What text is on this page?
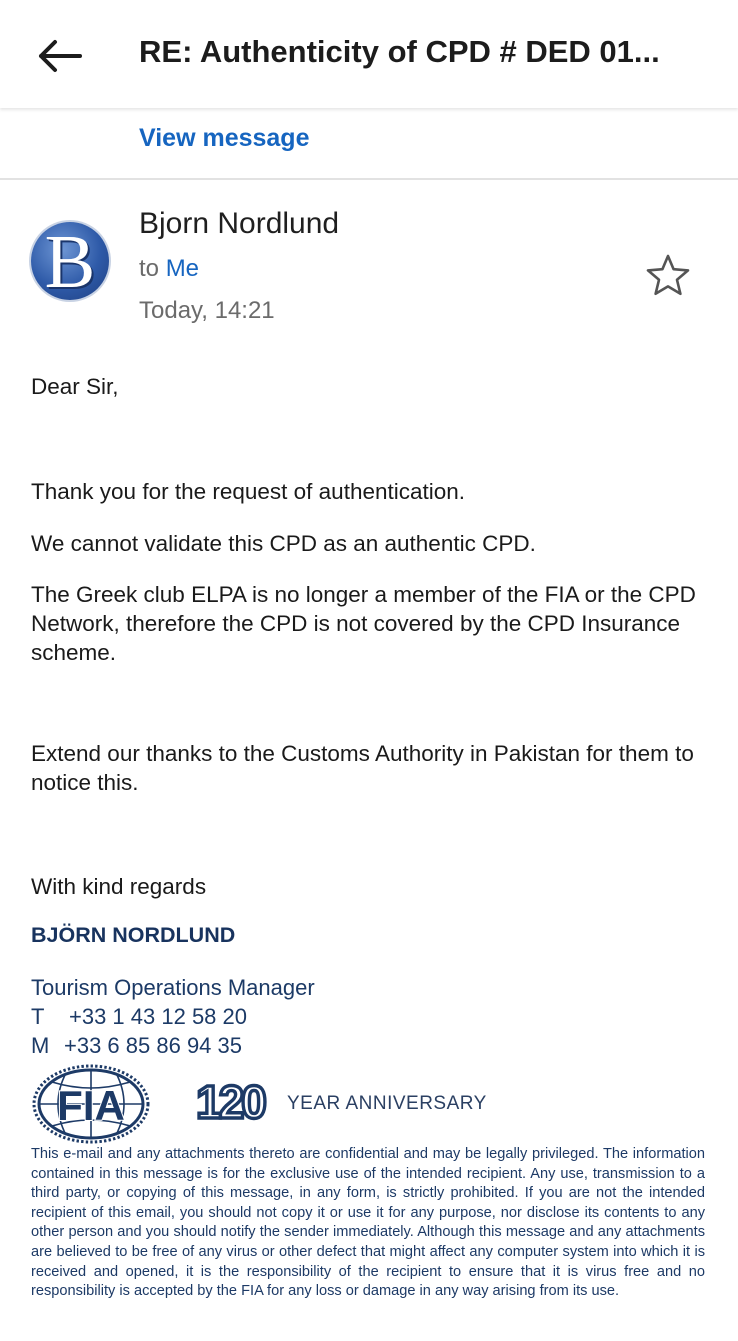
RE: Authenticity of CPD # DED 01...
View message
B Bjorn Nordlund
to Me
Today, 14:21
Dear Sir,
Thank you for the request of authentication.
We cannot validate this CPD as an authentic CPD.
The Greek club ELPA is no longer a member of the FIA or the CPD Network, therefore the CPD is not covered by the CPD Insurance scheme.
Extend our thanks to the Customs Authority in Pakistan for them to notice this.
With kind regards
BJÖRN NORDLUND
Tourism Operations Manager
T +33 1 43 12 58 20
M +33 6 85 86 94 35
FIA 120 YEAR ANNIVERSARY
This e-mail and any attachments thereto are confidential and may be legally privileged. The information contained in this message is for the exclusive use of the intended recipient. Any use, transmission to a third party, or copying of this message, in any form, is strictly prohibited. If you are not the intended recipient of this email, you should not copy it or use it for any purpose, nor disclose its contents to any other person and you should notify the sender immediately. Although this message and any attachments are believed to be free of any virus or other defect that might affect any computer system into which it is received and opened, it is the responsibility of the recipient to ensure that it is virus free and no responsibility is accepted by the FIA for any loss or damage in any way arising from its use.
